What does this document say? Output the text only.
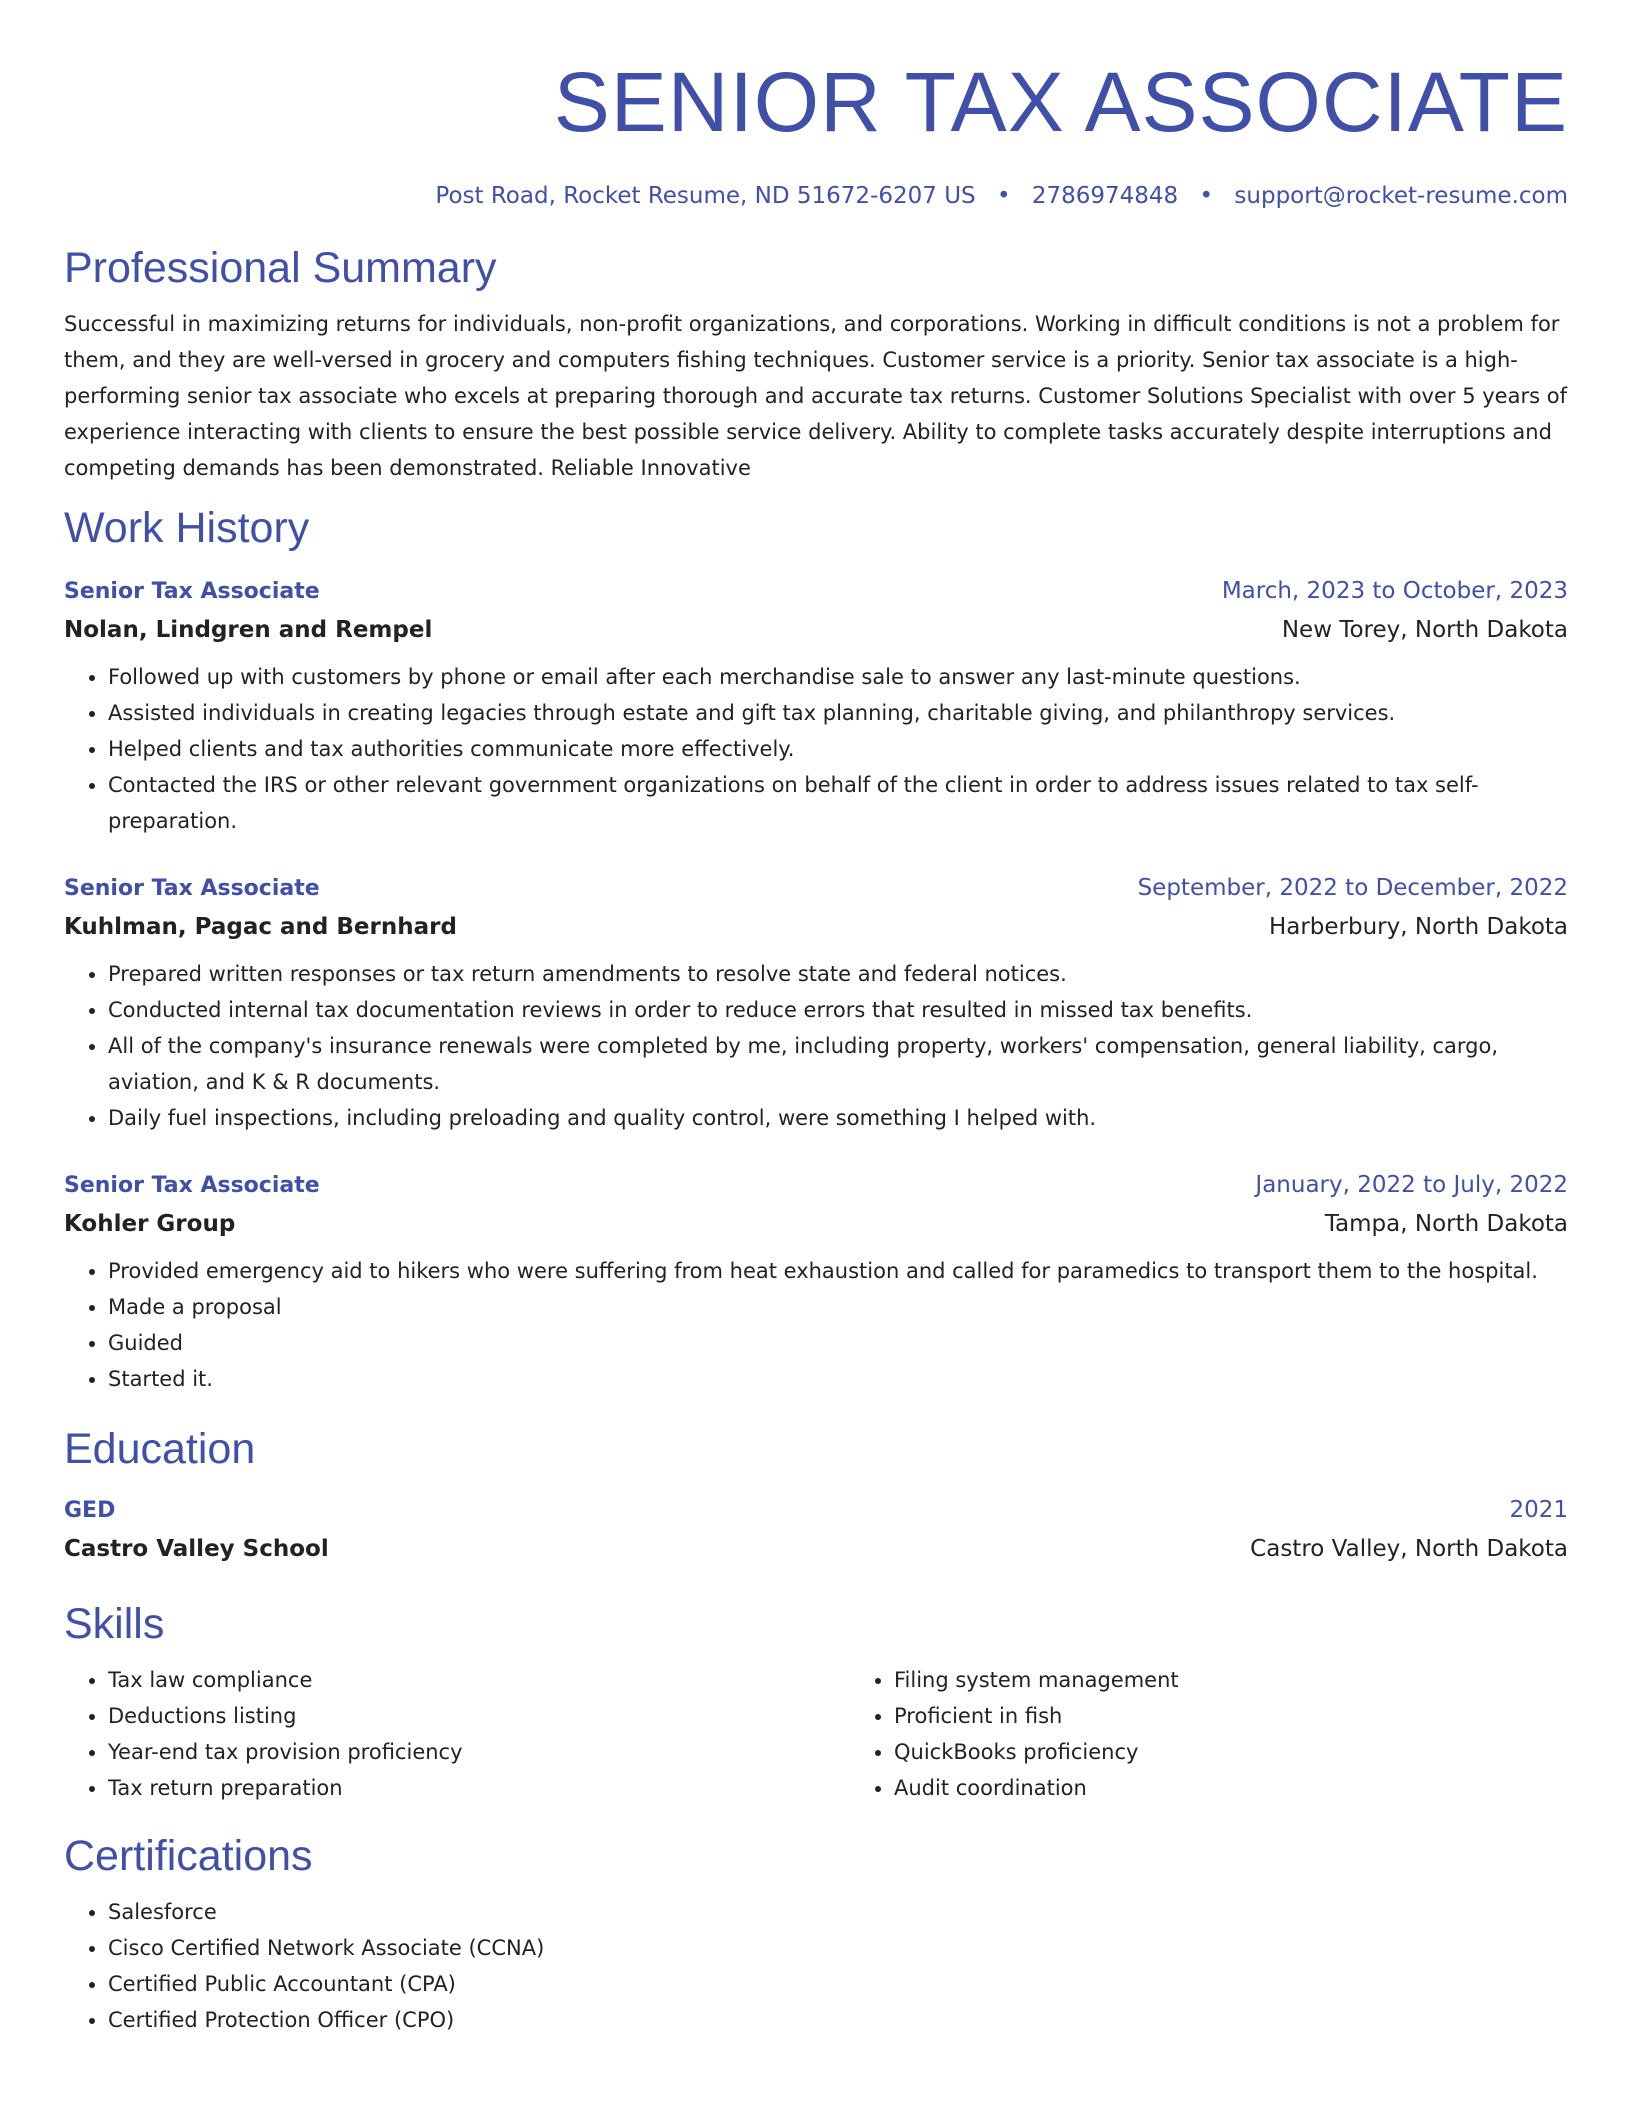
SENIOR TAX ASSOCIATE
Post Road, Rocket Resume, ND 51672-6207 US • 2786974848 • support@rocket-resume.com
Professional Summary

Successful in maximizing returns for individuals, non-profit organizations, and corporations. Working in difficult conditions is not a problem for them, and they are well-versed in grocery and computers fishing techniques. Customer service is a priority. Senior tax associate is a high-performing senior tax associate who excels at preparing thorough and accurate tax returns. Customer Solutions Specialist with over 5 years of experience interacting with clients to ensure the best possible service delivery. Ability to complete tasks accurately despite interruptions and competing demands has been demonstrated. Reliable Innovative

Work History
Senior Tax Associate	March, 2023 to October, 2023
Nolan, Lindgren and Rempel	New Torey, North Dakota
• Followed up with customers by phone or email after each merchandise sale to answer any last-minute questions.
• Assisted individuals in creating legacies through estate and gift tax planning, charitable giving, and philanthropy services.
• Helped clients and tax authorities communicate more effectively.
• Contacted the IRS or other relevant government organizations on behalf of the client in order to address issues related to tax self-preparation.
Senior Tax Associate	September, 2022 to December, 2022
Kuhlman, Pagac and Bernhard	Harberbury, North Dakota
• Prepared written responses or tax return amendments to resolve state and federal notices.
• Conducted internal tax documentation reviews in order to reduce errors that resulted in missed tax benefits.
• All of the company's insurance renewals were completed by me, including property, workers' compensation, general liability, cargo, aviation, and K & R documents.
• Daily fuel inspections, including preloading and quality control, were something I helped with.
Senior Tax Associate	January, 2022 to July, 2022
Kohler Group	Tampa, North Dakota
• Provided emergency aid to hikers who were suffering from heat exhaustion and called for paramedics to transport them to the hospital.
• Made a proposal
• Guided
• Started it.
Education
GED	2021
Castro Valley School	Castro Valley, North Dakota
Skills
• Tax law compliance
• Deductions listing
• Year-end tax provision proficiency
• Tax return preparation
• Filing system management
• Proficient in fish
• QuickBooks proficiency
• Audit coordination
Certifications
• Salesforce
• Cisco Certified Network Associate (CCNA)
• Certified Public Accountant (CPA)
• Certified Protection Officer (CPO)
